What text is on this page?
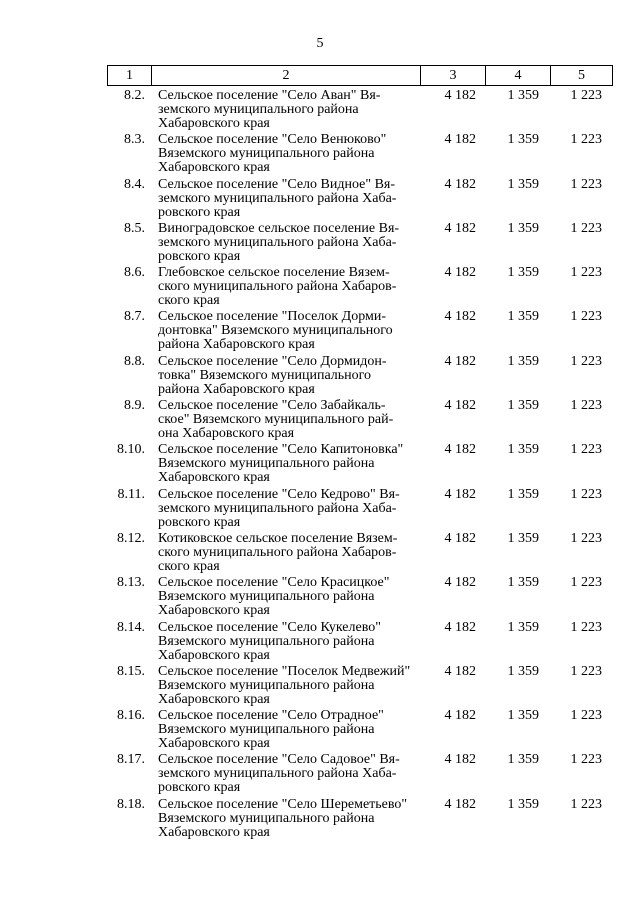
5
1	2	3	4	5
8.2. Сельское поселение "Село Аван" Вя-
земского муниципального района
Хабаровского края
4 182	1 359	1 223
8.3. Сельское поселение "Село Венюково"
Вяземского муниципального района
Хабаровского края
4 182	1 359	1 223
8.4. Сельское поселение "Село Видное" Вя-
земского муниципального района Хаба-
ровского края
4 182	1 359	1 223
8.5. Виноградовское сельское поселение Вя-
земского муниципального района Хаба-
ровского края
4 182	1 359	1 223
8.6. Глебовское сельское поселение Вязем-
ского муниципального района Хабаров-
ского края
4 182	1 359	1 223
8.7. Сельское поселение "Поселок Дорми-
донтовка" Вяземского муниципального
района Хабаровского края
4 182	1 359	1 223
8.8. Сельское поселение "Село Дормидон-
товка" Вяземского муниципального
района Хабаровского края
4 182	1 359	1 223
8.9. Сельское поселение "Село Забайкаль-
ское" Вяземского муниципального рай-
она Хабаровского края
4 182	1 359	1 223
8.10. Сельское поселение "Село Капитоновка"
Вяземского муниципального района
Хабаровского края
4 182	1 359	1 223
8.11. Сельское поселение "Село Кедрово" Вя-
земского муниципального района Хаба-
ровского края
4 182	1 359	1 223
8.12. Котиковское сельское поселение Вязем-
ского муниципального района Хабаров-
ского края
4 182	1 359	1 223
8.13. Сельское поселение "Село Красицкое"
Вяземского муниципального района
Хабаровского края
4 182	1 359	1 223
8.14. Сельское поселение "Село Кукелево"
Вяземского муниципального района
Хабаровского края
4 182	1 359	1 223
8.15. Сельское поселение "Поселок Медвежий"
Вяземского муниципального района
Хабаровского края
4 182	1 359	1 223
8.16. Сельское поселение "Село Отрадное"
Вяземского муниципального района
Хабаровского края
4 182	1 359	1 223
8.17. Сельское поселение "Село Садовое" Вя-
земского муниципального района Хаба-
ровского края
4 182	1 359	1 223
8.18. Сельское поселение "Село Шереметьево"
Вяземского муниципального района
Хабаровского края
4 182	1 359	1 223
